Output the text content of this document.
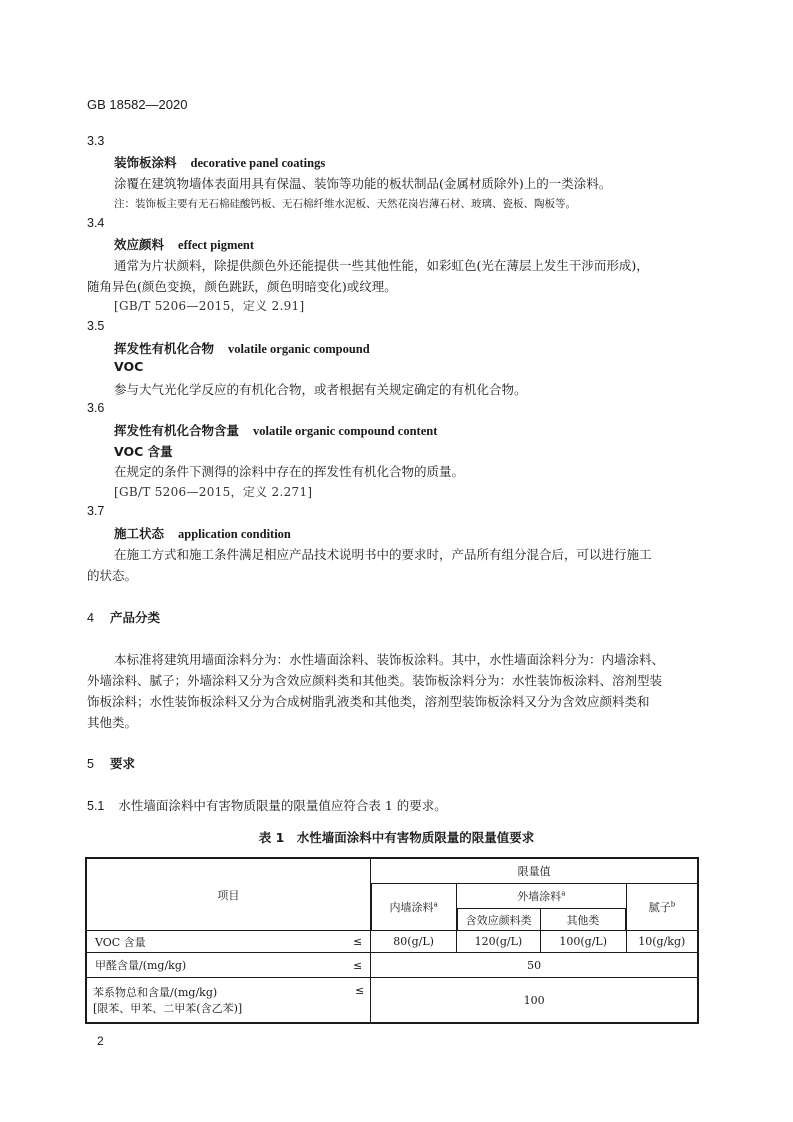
GB 18582—2020
3.3
装饰板涂料 decorative panel coatings
涂覆在建筑物墙体表面用具有保温、装饰等功能的板状制品(金属材质除外)上的一类涂料。
注：装饰板主要有无石棉硅酸钙板、无石棉纤维水泥板、天然花岗岩薄石材、玻璃、瓷板、陶板等。
3.4
效应颜料 effect pigment
通常为片状颜料，除提供颜色外还能提供一些其他性能，如彩虹色(光在薄层上发生干涉而形成)，
随角异色(颜色变换，颜色跳跃，颜色明暗变化)或纹理。
[GB/T 5206—2015，定义 2.91]
3.5
挥发性有机化合物 volatile organic compound
VOC
参与大气光化学反应的有机化合物，或者根据有关规定确定的有机化合物。
3.6
挥发性有机化合物含量 volatile organic compound content
VOC 含量
在规定的条件下测得的涂料中存在的挥发性有机化合物的质量。
[GB/T 5206—2015，定义 2.271]
3.7
施工状态 application condition
在施工方式和施工条件满足相应产品技术说明书中的要求时，产品所有组分混合后，可以进行施工
的状态。
4 产品分类
本标准将建筑用墙面涂料分为：水性墙面涂料、装饰板涂料。其中，水性墙面涂料分为：内墙涂料、
外墙涂料、腻子；外墙涂料又分为含效应颜料类和其他类。装饰板涂料分为：水性装饰板涂料、溶剂型装
饰板涂料；水性装饰板涂料又分为合成树脂乳液类和其他类，溶剂型装饰板涂料又分为含效应颜料类和
其他类。
5 要求
5.1 水性墙面涂料中有害物质限量的限量值应符合表 1 的要求。
表 1　水性墙面涂料中有害物质限量的限量值要求
项目	限量值			
	内墙涂料$^a$	外墙涂料$^a$		腻子$^b$
		含效应颜料类	其他类	

VOC 含量 ≤	80(g/L)	120(g/L)	100(g/L)	10(g/kg)

甲醛含量/(mg/kg) ≤	50			

苯系物总和含量/(mg/kg) ≤
[限苯、甲苯、二甲苯(含乙苯)]	100			
2
